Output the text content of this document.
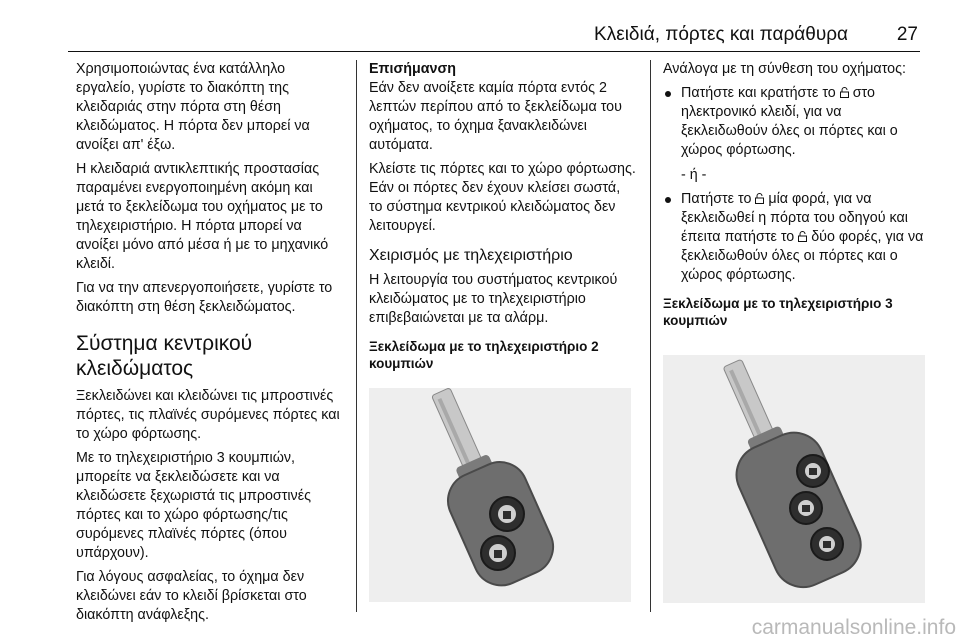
Κλειδιά, πόρτες και παράθυρα	27

Χρησιμοποιώντας ένα κατάλληλο εργαλείο, γυρίστε το διακόπτη της κλειδαριάς στην πόρτα στη θέση κλειδώματος. Η πόρτα δεν μπορεί να ανοίξει απ' έξω.

Η κλειδαριά αντικλεπτικής προστασίας παραμένει ενεργοποιημένη ακόμη και μετά το ξεκλείδωμα του οχήματος με το τηλεχειριστήριο. Η πόρτα μπορεί να ανοίξει μόνο από μέσα ή με το μηχανικό κλειδί.

Για να την απενεργοποιήσετε, γυρίστε το διακόπτη στη θέση ξεκλειδώματος.

Σύστημα κεντρικού κλειδώματος

Ξεκλειδώνει και κλειδώνει τις μπροστινές πόρτες, τις πλαϊνές συρόμενες πόρτες και το χώρο φόρτωσης.

Με το τηλεχειριστήριο 3 κουμπιών, μπορείτε να ξεκλειδώσετε και να κλειδώσετε ξεχωριστά τις μπροστινές πόρτες και το χώρο φόρτωσης/τις συρόμενες πλαϊνές πόρτες (όπου υπάρχουν).

Για λόγους ασφαλείας, το όχημα δεν κλειδώνει εάν το κλειδί βρίσκεται στο διακόπτη ανάφλεξης.

Επισήμανση

Εάν δεν ανοίξετε καμία πόρτα εντός 2 λεπτών περίπου από το ξεκλείδωμα του οχήματος, το όχημα ξανακλειδώνει αυτόματα.

Κλείστε τις πόρτες και το χώρο φόρτωσης. Εάν οι πόρτες δεν έχουν κλείσει σωστά, το σύστημα κεντρικού κλειδώματος δεν λειτουργεί.

Χειρισμός με τηλεχειριστήριο

Η λειτουργία του συστήματος κεντρικού κλειδώματος με το τηλεχειριστήριο επιβεβαιώνεται με τα αλάρμ.

Ξεκλείδωμα με το τηλεχειριστήριο 2 κουμπιών

Ανάλογα με τη σύνθεση του οχήματος:

Πατήστε και κρατήστε το στο ηλεκτρονικό κλειδί, για να ξεκλειδωθούν όλες οι πόρτες και ο χώρος φόρτωσης.

- ή -

Πατήστε το μία φορά, για να ξεκλειδωθεί η πόρτα του οδηγού και έπειτα πατήστε το δύο φορές, για να ξεκλειδωθούν όλες οι πόρτες και ο χώρος φόρτωσης.
Ξεκλείδωμα με το τηλεχειριστήριο 3 κουμπιών
carmanualsonline.info
